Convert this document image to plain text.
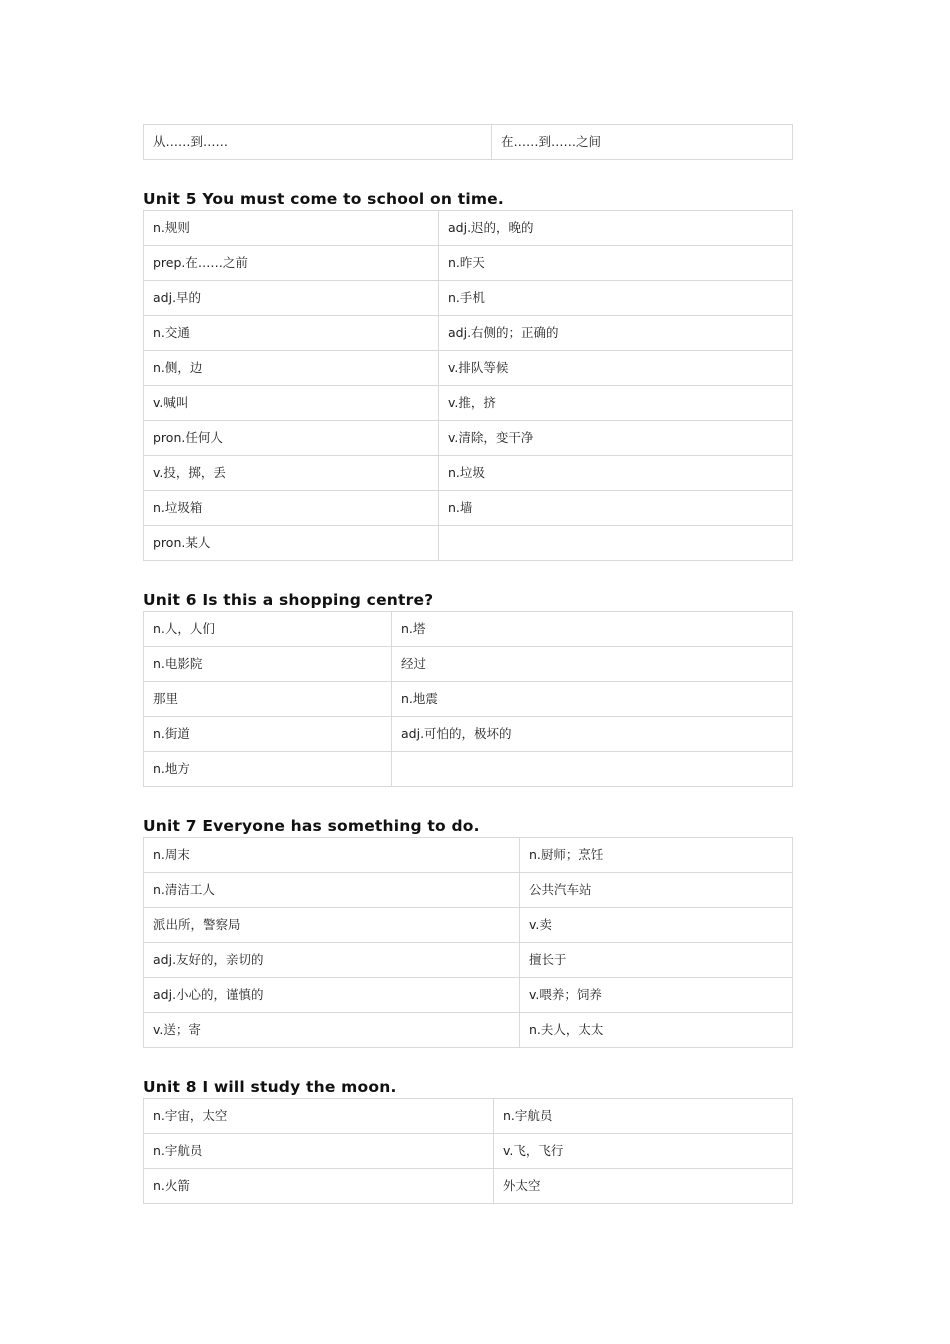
从……到……	在……到……之间
Unit 5 You must come to school on time.
n.规则	adj.迟的，晚的
prep.在……之前	n.昨天
adj.早的	n.手机
n.交通	adj.右侧的；正确的
n.侧，边	v.排队等候
v.喊叫	v.推，挤
pron.任何人	v.清除，变干净
v.投，掷，丢	n.垃圾
n.垃圾箱	n.墙
pron.某人	
Unit 6 Is this a shopping centre?
n.人，人们	n.塔
n.电影院	经过
那里	n.地震
n.街道	adj.可怕的，极坏的
n.地方	
Unit 7 Everyone has something to do.
n.周末	n.厨师；烹饪
n.清洁工人	公共汽车站
派出所，警察局	v.卖
adj.友好的，亲切的	擅长于
adj.小心的，谨慎的	v.喂养；饲养
v.送；寄	n.夫人，太太
Unit 8 I will study the moon.
n.宇宙，太空	n.宇航员
n.宇航员	v.飞，飞行
n.火箭	外太空
